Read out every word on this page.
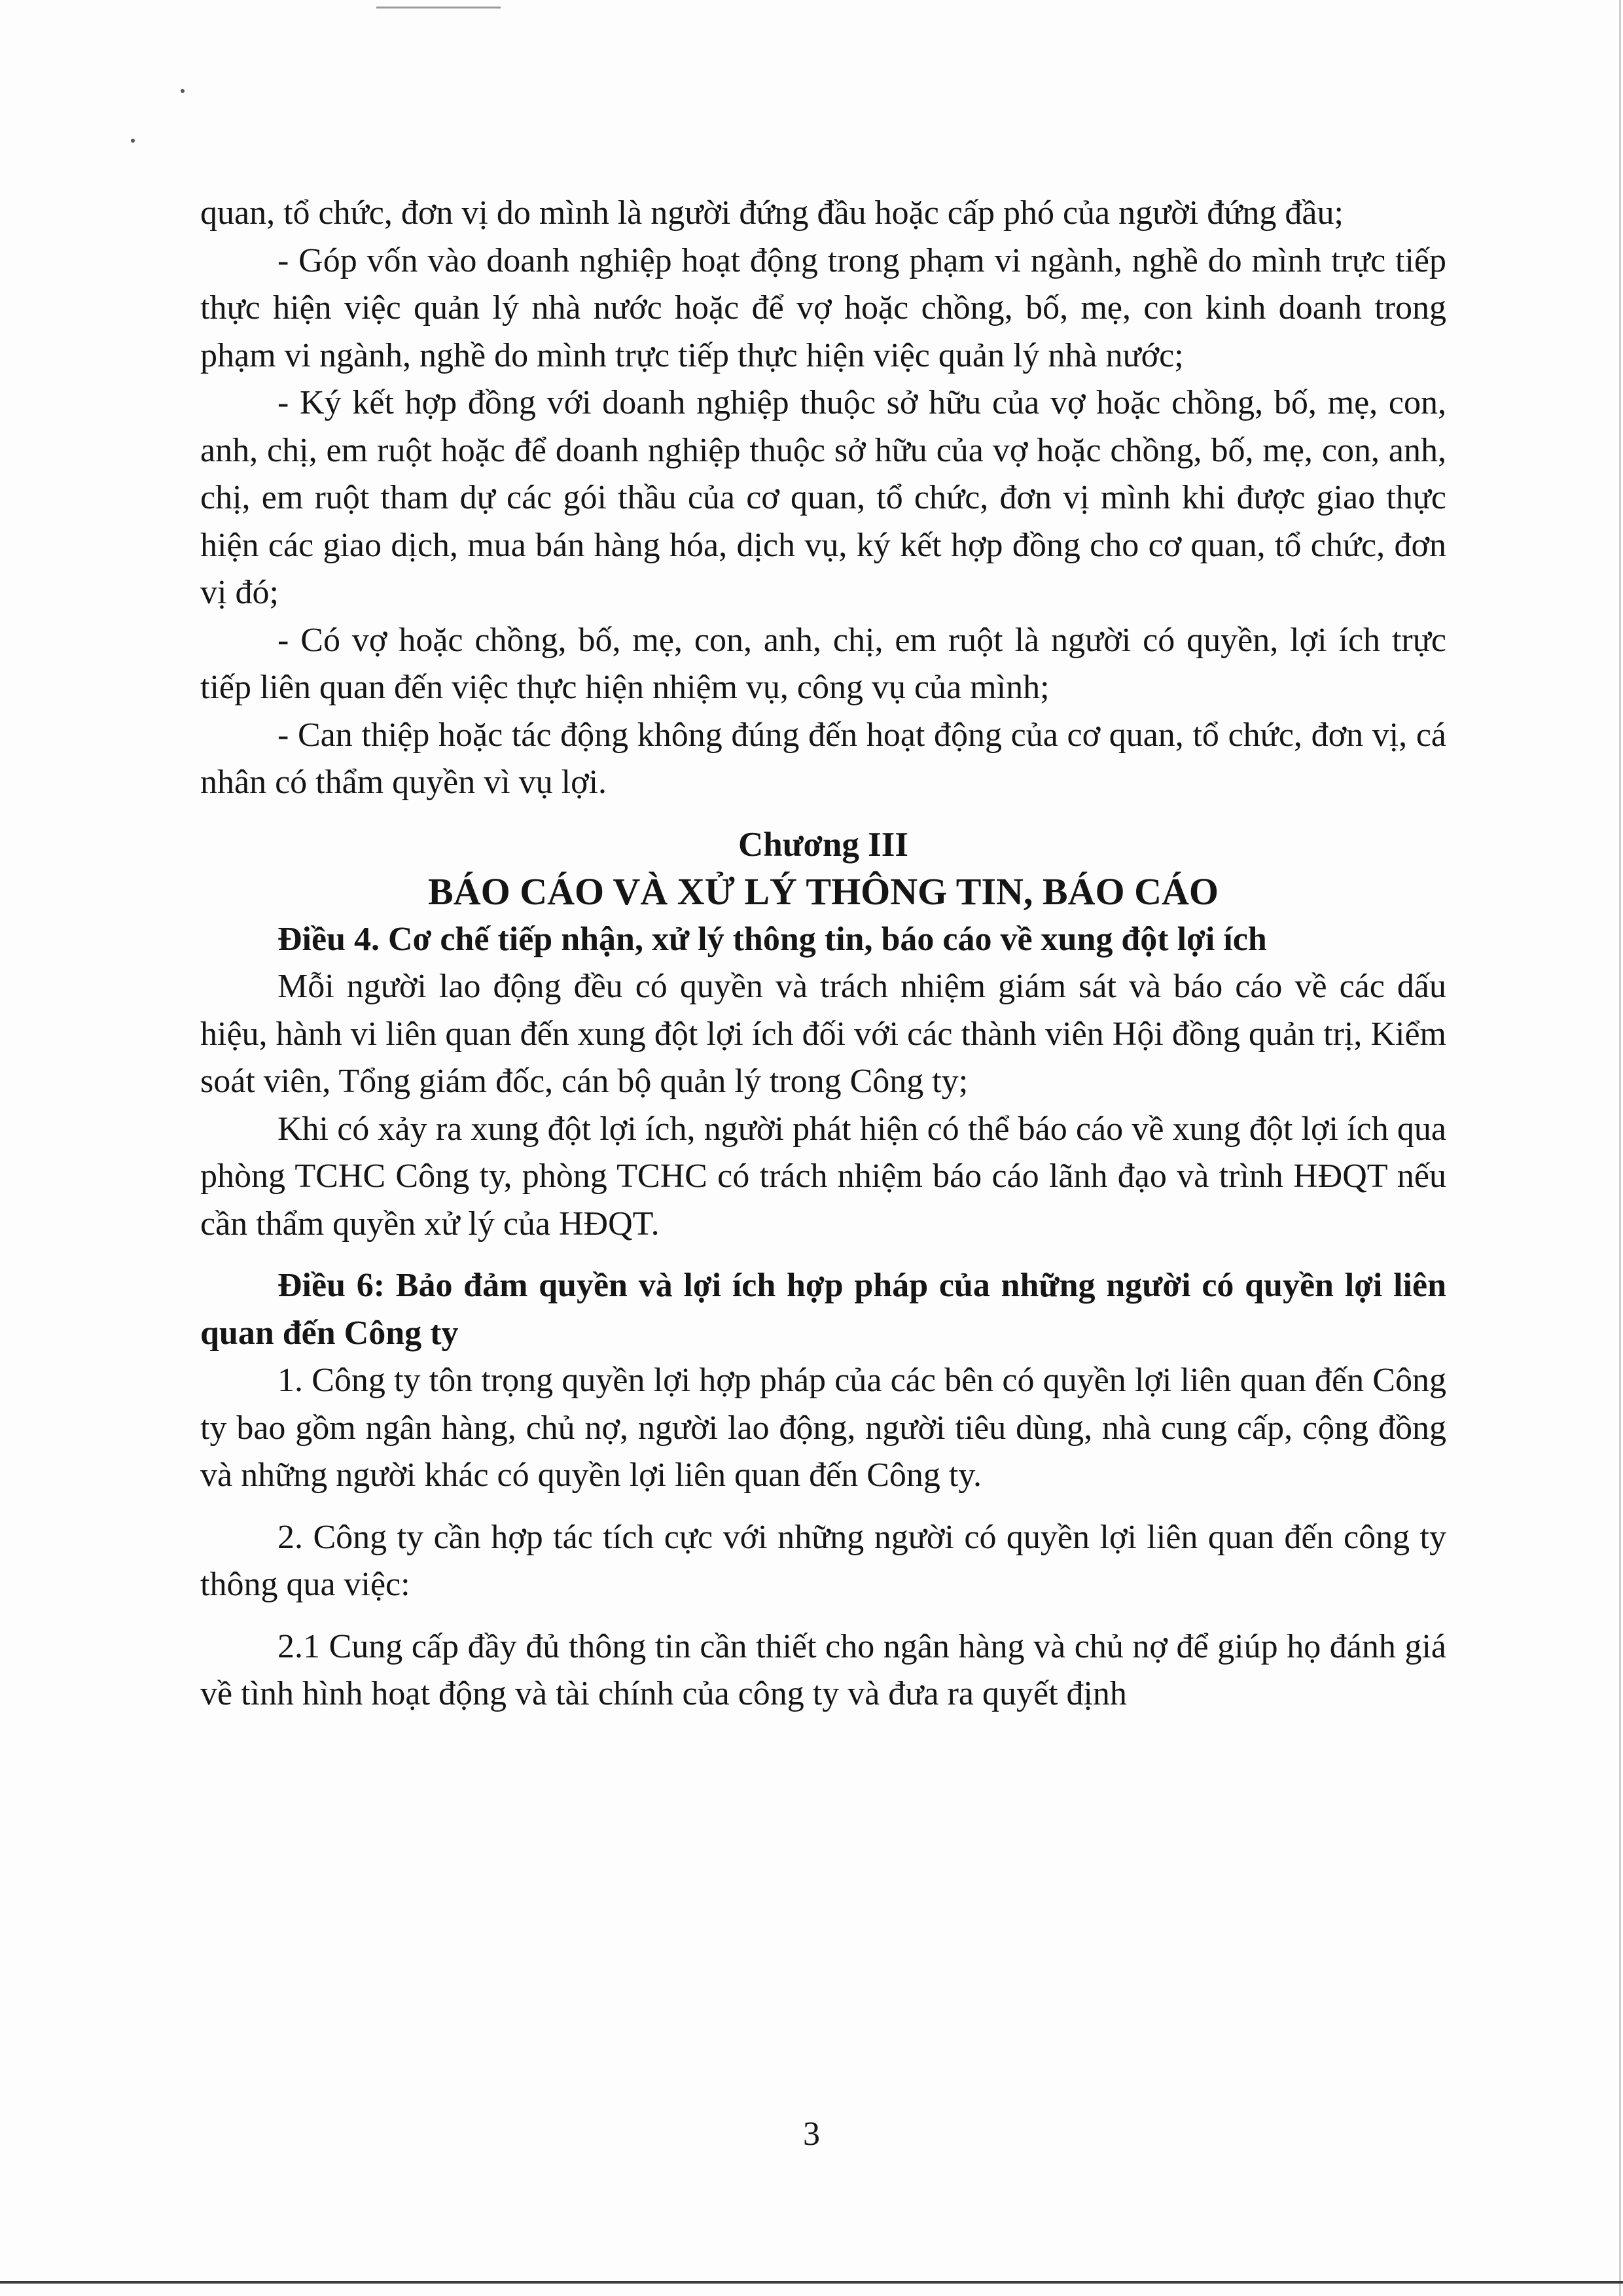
quan, tổ chức, đơn vị do mình là người đứng đầu hoặc cấp phó của người đứng đầu;

- Góp vốn vào doanh nghiệp hoạt động trong phạm vi ngành, nghề do mình trực tiếp thực hiện việc quản lý nhà nước hoặc để vợ hoặc chồng, bố, mẹ, con kinh doanh trong phạm vi ngành, nghề do mình trực tiếp thực hiện việc quản lý nhà nước;

- Ký kết hợp đồng với doanh nghiệp thuộc sở hữu của vợ hoặc chồng, bố, mẹ, con, anh, chị, em ruột hoặc để doanh nghiệp thuộc sở hữu của vợ hoặc chồng, bố, mẹ, con, anh, chị, em ruột tham dự các gói thầu của cơ quan, tổ chức, đơn vị mình khi được giao thực hiện các giao dịch, mua bán hàng hóa, dịch vụ, ký kết hợp đồng cho cơ quan, tổ chức, đơn vị đó;

- Có vợ hoặc chồng, bố, mẹ, con, anh, chị, em ruột là người có quyền, lợi ích trực tiếp liên quan đến việc thực hiện nhiệm vụ, công vụ của mình;

- Can thiệp hoặc tác động không đúng đến hoạt động của cơ quan, tổ chức, đơn vị, cá nhân có thẩm quyền vì vụ lợi.

Chương III

BÁO CÁO VÀ XỬ LÝ THÔNG TIN, BÁO CÁO

Điều 4. Cơ chế tiếp nhận, xử lý thông tin, báo cáo về xung đột lợi ích

Mỗi người lao động đều có quyền và trách nhiệm giám sát và báo cáo về các dấu hiệu, hành vi liên quan đến xung đột lợi ích đối với các thành viên Hội đồng quản trị, Kiểm soát viên, Tổng giám đốc, cán bộ quản lý trong Công ty;

Khi có xảy ra xung đột lợi ích, người phát hiện có thể báo cáo về xung đột lợi ích qua phòng TCHC Công ty, phòng TCHC có trách nhiệm báo cáo lãnh đạo và trình HĐQT nếu cần thẩm quyền xử lý của HĐQT.

Điều 6: Bảo đảm quyền và lợi ích hợp pháp của những người có quyền lợi liên quan đến Công ty

1. Công ty tôn trọng quyền lợi hợp pháp của các bên có quyền lợi liên quan đến Công ty bao gồm ngân hàng, chủ nợ, người lao động, người tiêu dùng, nhà cung cấp, cộng đồng và những người khác có quyền lợi liên quan đến Công ty.

2. Công ty cần hợp tác tích cực với những người có quyền lợi liên quan đến công ty thông qua việc:

2.1 Cung cấp đầy đủ thông tin cần thiết cho ngân hàng và chủ nợ để giúp họ đánh giá về tình hình hoạt động và tài chính của công ty và đưa ra quyết định

3
